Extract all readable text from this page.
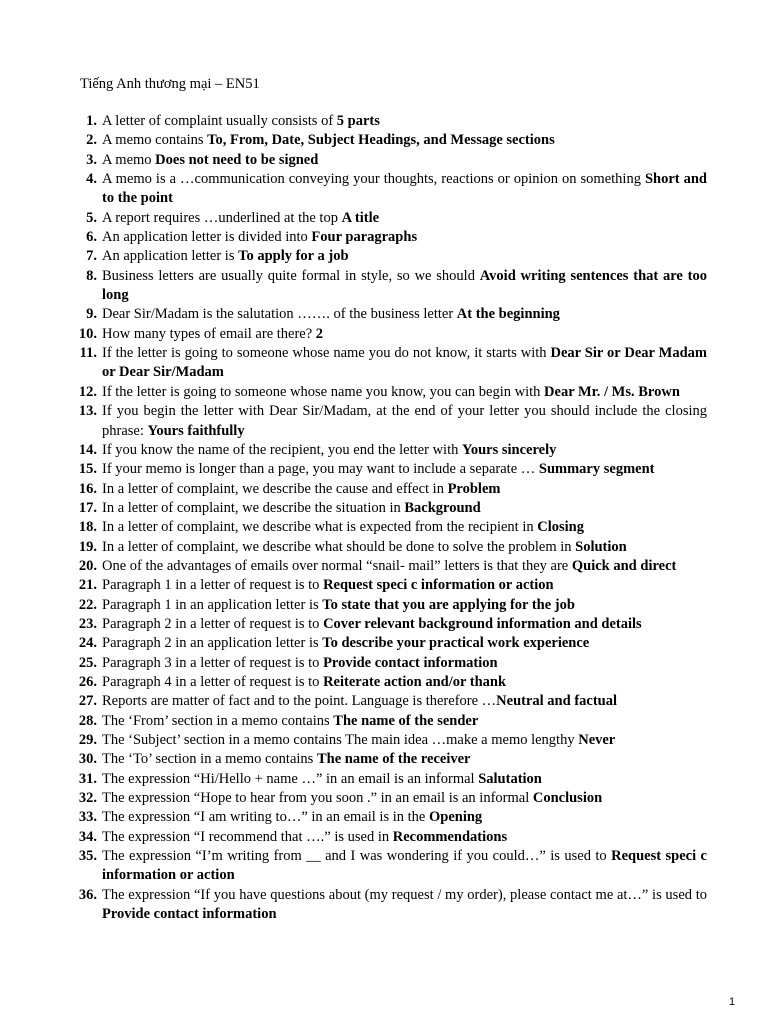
Tiếng Anh thương mại – EN51
1. A letter of complaint usually consists of 5 parts
2. A memo contains To, From, Date, Subject Headings, and Message sections
3. A memo Does not need to be signed
4. A memo is a …communication conveying your thoughts, reactions or opinion on something Short and to the point
5. A report requires …underlined at the top A title
6. An application letter is divided into Four paragraphs
7. An application letter is To apply for a job
8. Business letters are usually quite formal in style, so we should Avoid writing sentences that are too long
9. Dear Sir/Madam is the salutation ……. of the business letter At the beginning
10. How many types of email are there? 2
11. If the letter is going to someone whose name you do not know, it starts with Dear Sir or Dear Madam or Dear Sir/Madam
12. If the letter is going to someone whose name you know, you can begin with Dear Mr. / Ms. Brown
13. If you begin the letter with Dear Sir/Madam, at the end of your letter you should include the closing phrase: Yours faithfully
14. If you know the name of the recipient, you end the letter with Yours sincerely
15. If your memo is longer than a page, you may want to include a separate … Summary segment
16. In a letter of complaint, we describe the cause and effect in Problem
17. In a letter of complaint, we describe the situation in Background
18. In a letter of complaint, we describe what is expected from the recipient in Closing
19. In a letter of complaint, we describe what should be done to solve the problem in Solution
20. One of the advantages of emails over normal “snail- mail” letters is that they are Quick and direct
21. Paragraph 1 in a letter of request is to Request speci c information or action
22. Paragraph 1 in an application letter is To state that you are applying for the job
23. Paragraph 2 in a letter of request is to Cover relevant background information and details
24. Paragraph 2 in an application letter is To describe your practical work experience
25. Paragraph 3 in a letter of request is to Provide contact information
26. Paragraph 4 in a letter of request is to Reiterate action and/or thank
27. Reports are matter of fact and to the point. Language is therefore …Neutral and factual
28. The ‘From’ section in a memo contains The name of the sender
29. The ‘Subject’ section in a memo contains The main idea …make a memo lengthy Never
30. The ‘To’ section in a memo contains The name of the receiver
31. The expression “Hi/Hello + name …” in an email is an informal Salutation
32. The expression “Hope to hear from you soon .” in an email is an informal Conclusion
33. The expression “I am writing to…” in an email is in the Opening
34. The expression “I recommend that ….” is used in Recommendations
35. The expression “I’m writing from __ and I was wondering if you could…” is used to Request speci c information or action
36. The expression “If you have questions about (my request / my order), please contact me at…” is used to Provide contact information
1
